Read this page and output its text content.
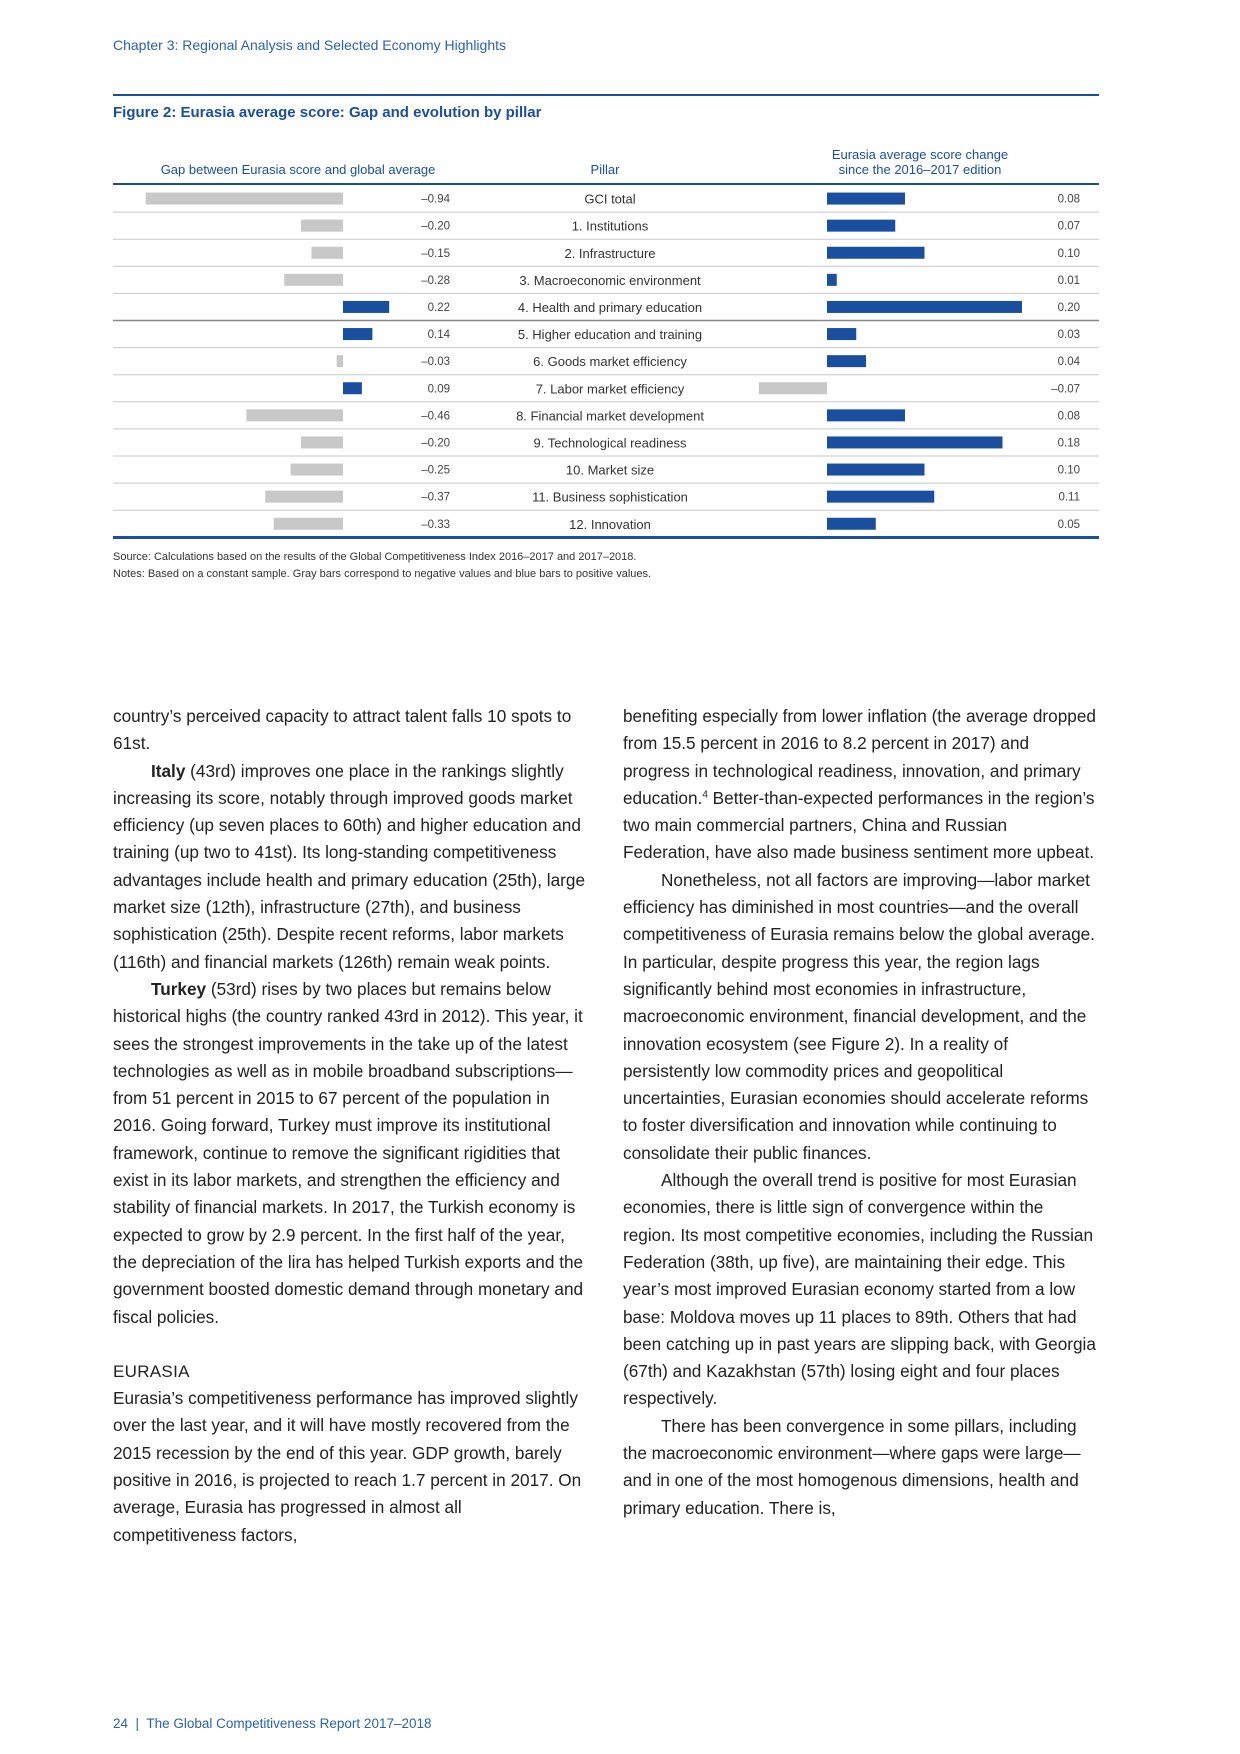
Chapter 3: Regional Analysis and Selected Economy Highlights
Figure 2: Eurasia average score: Gap and evolution by pillar
Gap between Eurasia score and global average	Pillar
Eurasia average score change
since the 2016–2017 edition
–0.94	GCI total	0.08
–0.20	1. Institutions	0.07
–0.15	2. Infrastructure	0.10
–0.28	3. Macroeconomic environment	0.01
0.22	4. Health and primary education	0.20
0.14	5. Higher education and training	0.03
–0.03	6. Goods market efficiency	0.04
0.09	7. Labor market efficiency	–0.07
–0.46	8. Financial market development	0.08
–0.20	9. Technological readiness	0.18
–0.25	10. Market size	0.10
–0.37	11. Business sophistication	0.11
–0.33	12. Innovation	0.05
Source: Calculations based on the results of the Global Competitiveness Index 2016–2017 and 2017–2018.
Notes: Based on a constant sample. Gray bars correspond to negative values and blue bars to positive values.

country’s perceived capacity to attract talent falls 10 spots to 61st.

Italy (43rd) improves one place in the rankings slightly increasing its score, notably through improved goods market efficiency (up seven places to 60th) and higher education and training (up two to 41st). Its long-standing competitiveness advantages include health and primary education (25th), large market size (12th), infrastructure (27th), and business sophistication (25th). Despite recent reforms, labor markets (116th) and financial markets (126th) remain weak points.

Turkey (53rd) rises by two places but remains below historical highs (the country ranked 43rd in 2012). This year, it sees the strongest improvements in the take up of the latest technologies as well as in mobile broadband subscriptions—from 51 percent in 2015 to 67 percent of the population in 2016. Going forward, Turkey must improve its institutional framework, continue to remove the significant rigidities that exist in its labor markets, and strengthen the efficiency and stability of financial markets. In 2017, the Turkish economy is expected to grow by 2.9 percent. In the first half of the year, the depreciation of the lira has helped Turkish exports and the government boosted domestic demand through monetary and fiscal policies.

EURASIA

Eurasia’s competitiveness performance has improved slightly over the last year, and it will have mostly recovered from the 2015 recession by the end of this year. GDP growth, barely positive in 2016, is projected to reach 1.7 percent in 2017. On average, Eurasia has progressed in almost all competitiveness factors,

benefiting especially from lower inflation (the average dropped from 15.5 percent in 2016 to 8.2 percent in 2017) and progress in technological readiness, innovation, and primary education.$^4$ Better-than-expected performances in the region’s two main commercial partners, China and Russian Federation, have also made business sentiment more upbeat.

Nonetheless, not all factors are improving—labor market efficiency has diminished in most countries—and the overall competitiveness of Eurasia remains below the global average. In particular, despite progress this year, the region lags significantly behind most economies in infrastructure, macroeconomic environment, financial development, and the innovation ecosystem (see Figure 2). In a reality of persistently low commodity prices and geopolitical uncertainties, Eurasian economies should accelerate reforms to foster diversification and innovation while continuing to consolidate their public finances.

Although the overall trend is positive for most Eurasian economies, there is little sign of convergence within the region. Its most competitive economies, including the Russian Federation (38th, up five), are maintaining their edge. This year’s most improved Eurasian economy started from a low base: Moldova moves up 11 places to 89th. Others that had been catching up in past years are slipping back, with Georgia (67th) and Kazakhstan (57th) losing eight and four places respectively.

There has been convergence in some pillars, including the macroeconomic environment—where gaps were large—and in one of the most homogenous dimensions, health and primary education. There is,

24 | The Global Competitiveness Report 2017–2018
